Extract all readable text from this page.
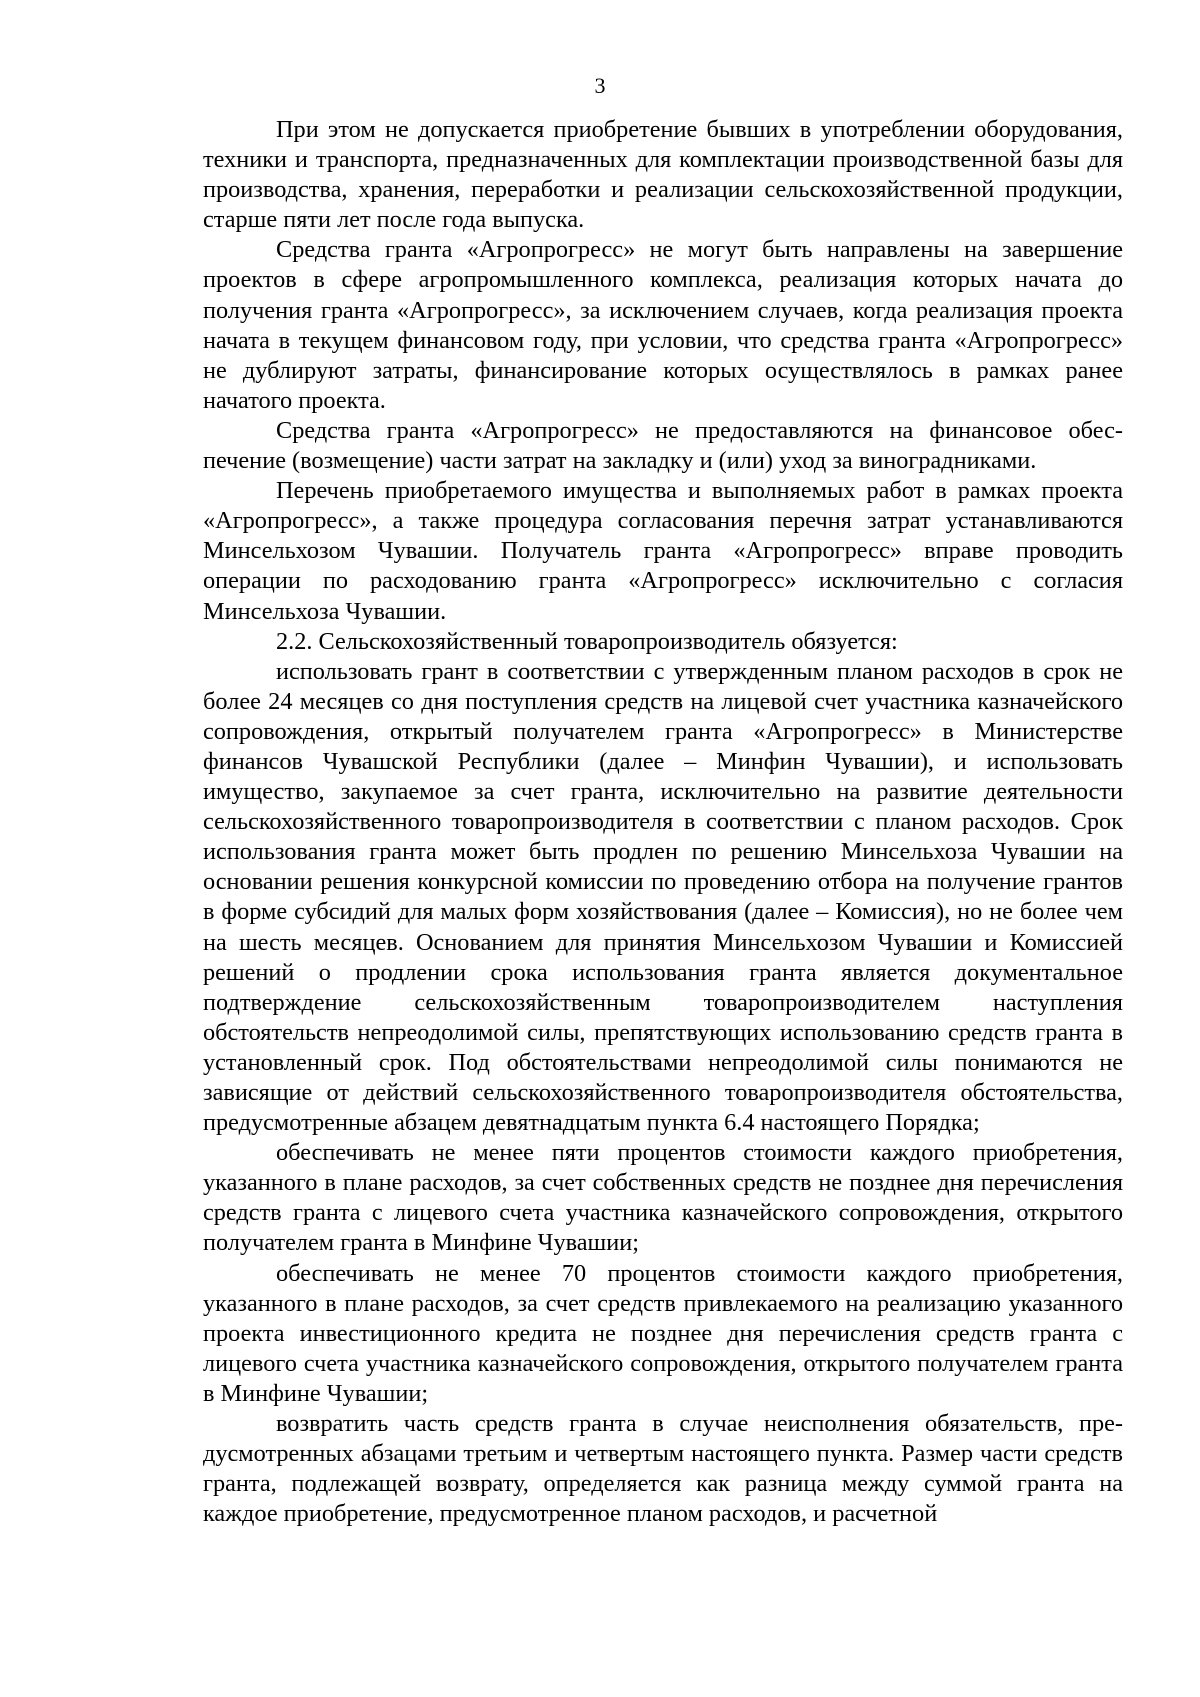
3

При этом не допускается приобретение бывших в употреблении оборудования, техники и транспорта, предназначенных для комплектации производственной базы для производства, хранения, переработки и реализации сельскохозяйственной продукции, старше пяти лет после года выпуска.

Средства гранта «Агропрогресс» не могут быть направлены на завершение проектов в сфере агропромышленного комплекса, реализация которых начата до получения гранта «Агропрогресс», за исключением случаев, когда реализация проекта начата в текущем финансовом году, при условии, что средства гранта «Агропрогресс» не дублируют затраты, финансирование которых осуществлялось в рамках ранее начатого проекта.

Средства гранта «Агропрогресс» не предоставляются на финансовое обеспечение (возмещение) части затрат на закладку и (или) уход за виноградниками.

Перечень приобретаемого имущества и выполняемых работ в рамках проекта «Агропрогресс», а также процедура согласования перечня затрат устанавливаются Минсельхозом Чувашии. Получатель гранта «Агропрогресс» вправе проводить операции по расходованию гранта «Агропрогресс» исключительно с согласия Минсельхоза Чувашии.

2.2. Сельскохозяйственный товаропроизводитель обязуется:

использовать грант в соответствии с утвержденным планом расходов в срок не более 24 месяцев со дня поступления средств на лицевой счет участника казначейского сопровождения, открытый получателем гранта «Агропрогресс» в Министерстве финансов Чувашской Республики (далее – Минфин Чувашии), и использовать имущество, закупаемое за счет гранта, исключительно на развитие деятельности сельскохозяйственного товаропроизводителя в соответствии с планом расходов. Срок использования гранта может быть продлен по решению Минсельхоза Чувашии на основании решения конкурсной комиссии по проведению отбора на получение грантов в форме субсидий для малых форм хозяйствования (далее – Комиссия), но не более чем на шесть месяцев. Основанием для принятия Минсельхозом Чувашии и Комиссией решений о продлении срока использования гранта является документальное подтверждение сельскохозяйственным товаропроизводителем наступления обстоятельств непреодолимой силы, препятствующих использованию средств гранта в установленный срок. Под обстоятельствами непреодолимой силы понимаются не зависящие от действий сельскохозяйственного товаропроизводителя обстоятельства, предусмотренные абзацем девятнадцатым пункта 6.4 настоящего Порядка;

обеспечивать не менее пяти процентов стоимости каждого приобретения, указанного в плане расходов, за счет собственных средств не позднее дня перечисления средств гранта с лицевого счета участника казначейского сопровождения, открытого получателем гранта в Минфине Чувашии;

обеспечивать не менее 70 процентов стоимости каждого приобретения, указанного в плане расходов, за счет средств привлекаемого на реализацию указанного проекта инвестиционного кредита не позднее дня перечисления средств гранта с лицевого счета участника казначейского сопровождения, открытого получателем гранта в Минфине Чувашии;

возвратить часть средств гранта в случае неисполнения обязательств, предусмотренных абзацами третьим и четвертым настоящего пункта. Размер части средств гранта, подлежащей возврату, определяется как разница между суммой гранта на каждое приобретение, предусмотренное планом расходов, и расчетной
